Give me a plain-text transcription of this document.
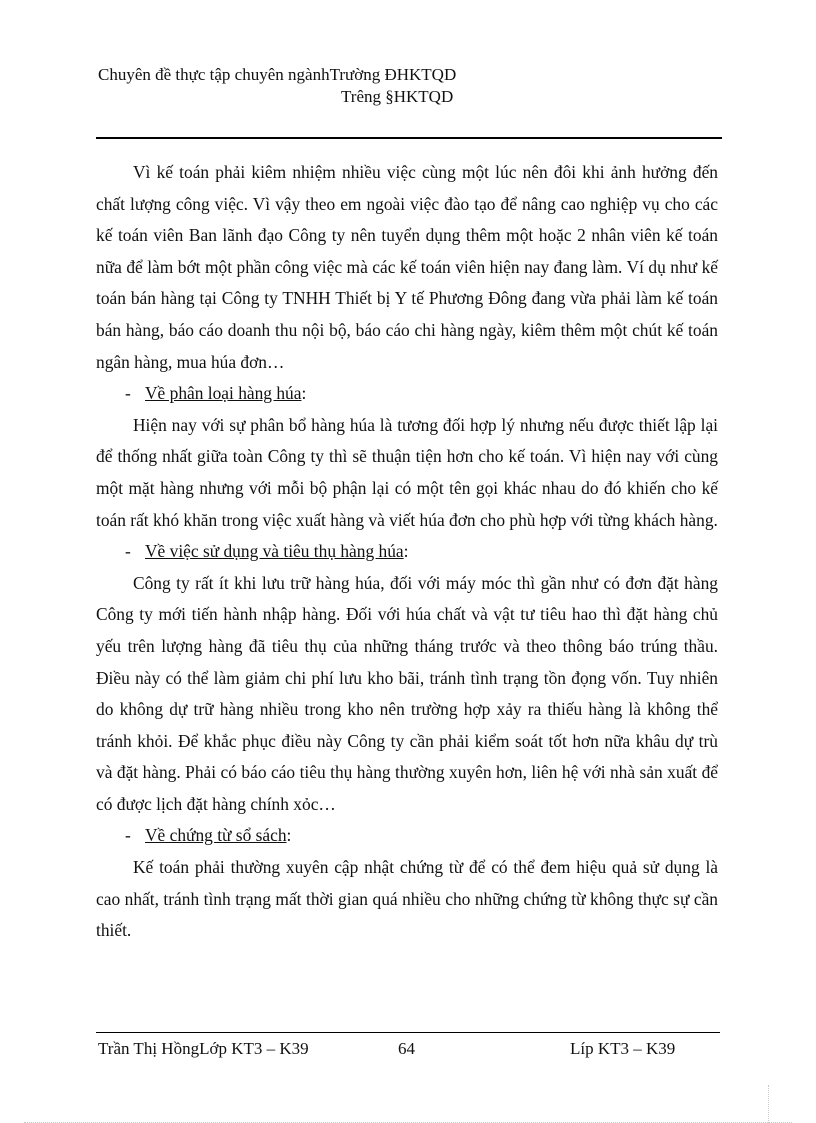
Chuyên đề thực tập chuyên ngànhTrường ĐHKTQD
Trêng §HKTQD

Vì kế toán phải kiêm nhiệm nhiều việc cùng một lúc nên đôi khi ảnh hưởng đến chất lượng công việc. Vì vậy theo em ngoài việc đào tạo để nâng cao nghiệp vụ cho các kế toán viên Ban lãnh đạo Công ty nên tuyển dụng thêm một hoặc 2 nhân viên kế toán nữa để làm bớt một phần công việc mà các kế toán viên hiện nay đang làm. Ví dụ như kế toán bán hàng tại Công ty TNHH Thiết bị Y tế Phương Đông đang vừa phải làm kế toán bán hàng, báo cáo doanh thu nội bộ, báo cáo chi hàng ngày, kiêm thêm một chút kế toán ngân hàng, mua húa đơn…

- Về phân loại hàng húa:

Hiện nay với sự phân bổ hàng húa là tương đối hợp lý nhưng nếu được thiết lập lại để thống nhất giữa toàn Công ty thì sẽ thuận tiện hơn cho kế toán. Vì hiện nay với cùng một mặt hàng nhưng với mỗi bộ phận lại có một tên gọi khác nhau do đó khiến cho kế toán rất khó khăn trong việc xuất hàng và viết húa đơn cho phù hợp với từng khách hàng.

- Về việc sử dụng và tiêu thụ hàng húa:

Công ty rất ít khi lưu trữ hàng húa, đối với máy móc thì gần như có đơn đặt hàng Công ty mới tiến hành nhập hàng. Đối với húa chất và vật tư tiêu hao thì đặt hàng chủ yếu trên lượng hàng đã tiêu thụ của những tháng trước và theo thông báo trúng thầu. Điều này có thể làm giảm chi phí lưu kho bãi, tránh tình trạng tồn đọng vốn. Tuy nhiên do không dự trữ hàng nhiều trong kho nên trường hợp xảy ra thiếu hàng là không thể tránh khỏi. Để khắc phục điều này Công ty cần phải kiểm soát tốt hơn nữa khâu dự trù và đặt hàng. Phải có báo cáo tiêu thụ hàng thường xuyên hơn, liên hệ với nhà sản xuất để có được lịch đặt hàng chính xỏc…

- Về chứng từ sổ sách:

Kế toán phải thường xuyên cập nhật chứng từ để có thể đem hiệu quả sử dụng là cao nhất, tránh tình trạng mất thời gian quá nhiều cho những chứng từ không thực sự cần thiết.

Trần Thị HồngLớp KT3 – K39	64	Líp KT3 – K39
